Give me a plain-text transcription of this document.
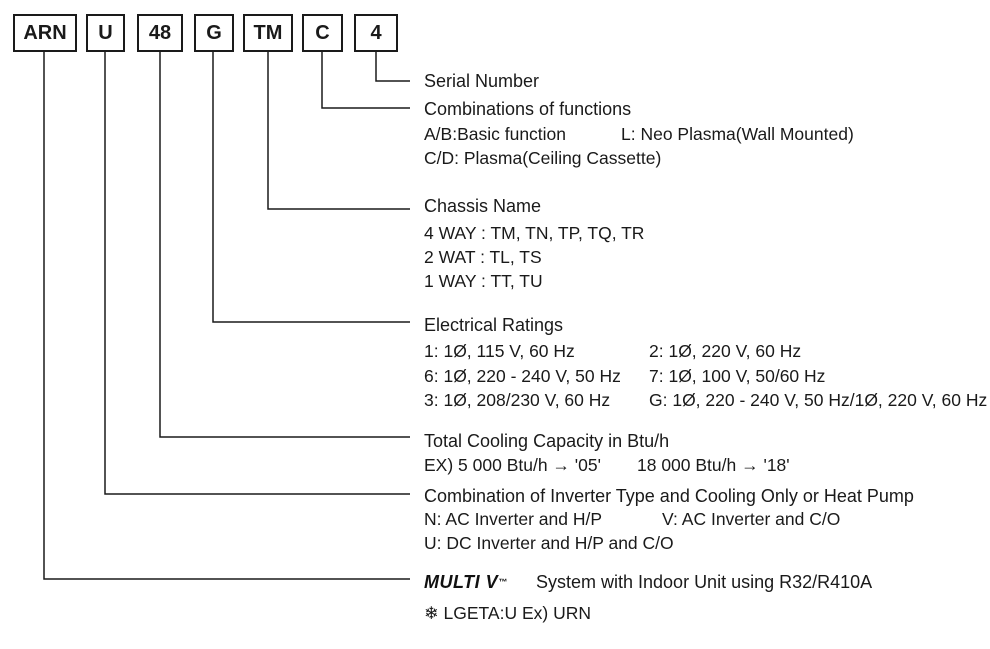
ARN	U	48	G	TM	C	4
Serial Number
Combinations of functions
A/B:Basic function	L: Neo Plasma(Wall Mounted)
C/D: Plasma(Ceiling Cassette)
Chassis Name
4 WAY : TM, TN, TP, TQ, TR
2 WAT : TL, TS
1 WAY : TT, TU
Electrical Ratings
1: 1Ø, 115 V, 60 Hz	2: 1Ø, 220 V, 60 Hz
6: 1Ø, 220 - 240 V, 50 Hz 7: 1Ø, 100 V, 50/60 Hz
3: 1Ø, 208/230 V, 60 Hz G: 1Ø, 220 - 240 V, 50 Hz/1Ø, 220 V, 60 Hz
Total Cooling Capacity in Btu/h
EX) 5 000 Btu/h → '05' 18 000 Btu/h → '18'
Combination of Inverter Type and Cooling Only or Heat Pump
N: AC Inverter and H/P	V: AC Inverter and C/O
U: DC Inverter and H/P and C/O
MULTI V™ System with Indoor Unit using R32/R410A
❄ LGETA:U Ex) URN
